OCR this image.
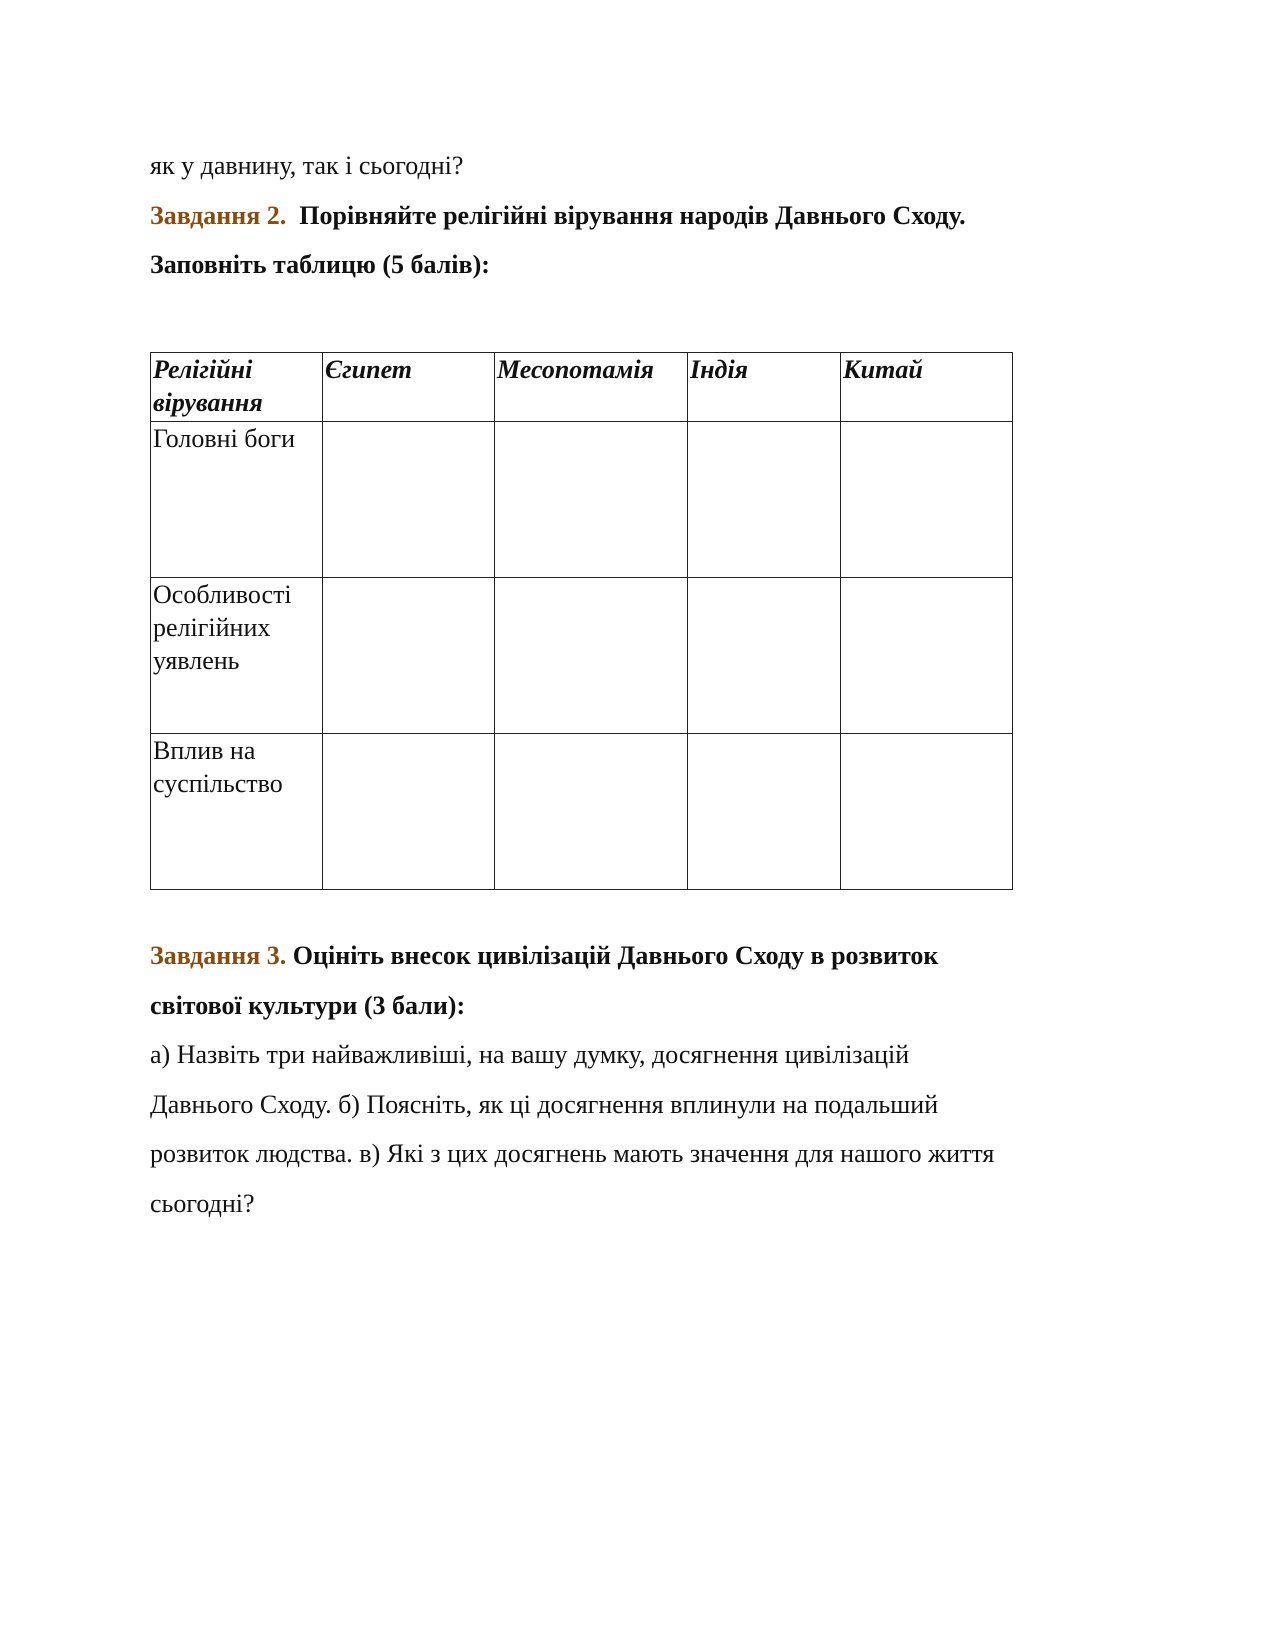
як у давнину, так і сьогодні?
Завдання 2. Порівняйте релігійні вірування народів Давнього Сходу.
Заповніть таблицю (5 балів):
Релігійні вірування	Єгипет	Месопотамія	Індія	Китай
Головні боги				
Особливості релігійних уявлень				
Вплив на суспільство				
Завдання 3. Оцініть внесок цивілізацій Давнього Сходу в розвиток
світової культури (3 бали):
а) Назвіть три найважливіші, на вашу думку, досягнення цивілізацій
Давнього Сходу. б) Поясніть, як ці досягнення вплинули на подальший
розвиток людства. в) Які з цих досягнень мають значення для нашого життя
сьогодні?
